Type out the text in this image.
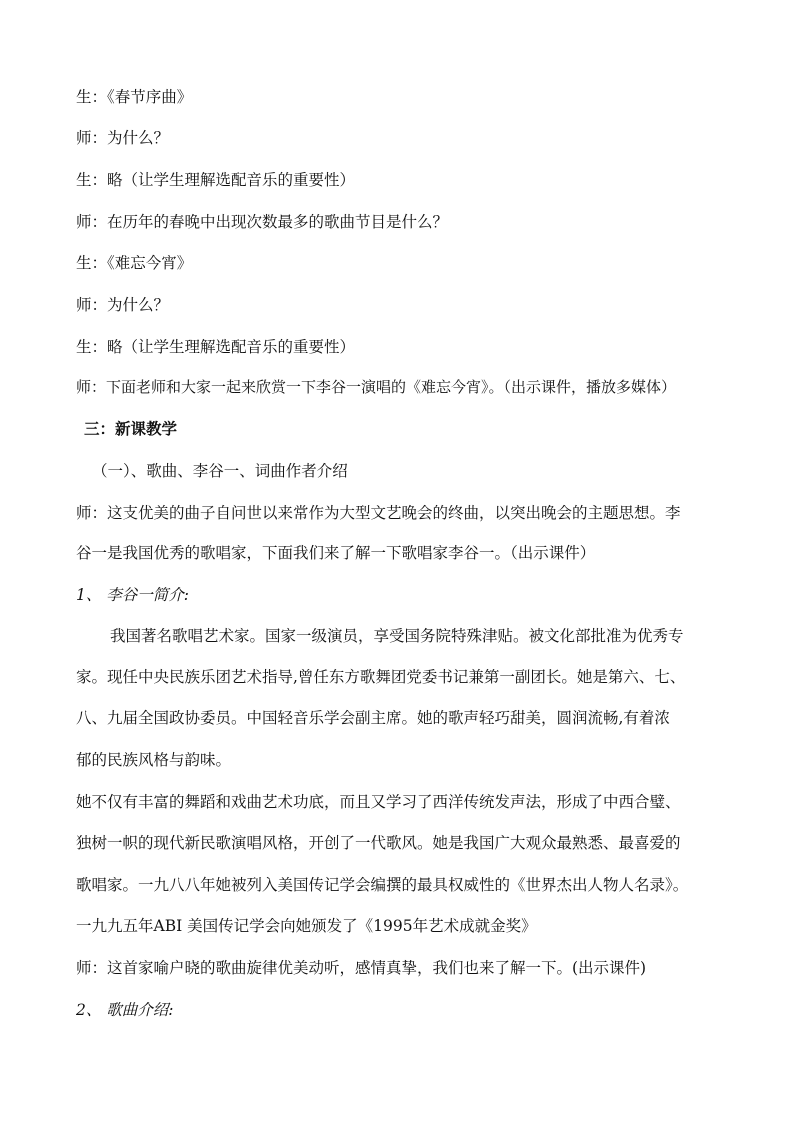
生：《春节序曲》
师：为什么？
生：略（让学生理解选配音乐的重要性）
师：在历年的春晚中出现次数最多的歌曲节目是什么？
生：《难忘今宵》
师：为什么？
生：略（让学生理解选配音乐的重要性）
师：下面老师和大家一起来欣赏一下李谷一演唱的《难忘今宵》。（出示课件，播放多媒体）
三：新课教学
（一）、歌曲、李谷一、词曲作者介绍
师：这支优美的曲子自问世以来常作为大型文艺晚会的终曲，以突出晚会的主题思想。李
谷一是我国优秀的歌唱家，下面我们来了解一下歌唱家李谷一。（出示课件）
1、 李谷一简介:
我国著名歌唱艺术家。国家一级演员，享受国务院特殊津贴。被文化部批准为优秀专
家。现任中央民族乐团艺术指导,曾任东方歌舞团党委书记兼第一副团长。她是第六、七、
八、九届全国政协委员。中国轻音乐学会副主席。她的歌声轻巧甜美，圆润流畅,有着浓
郁的民族风格与韵味。
她不仅有丰富的舞蹈和戏曲艺术功底，而且又学习了西洋传统发声法，形成了中西合璧、
独树一帜的现代新民歌演唱风格，开创了一代歌风。她是我国广大观众最熟悉、最喜爱的
歌唱家。一九八八年她被列入美国传记学会编撰的最具权威性的《世界杰出人物人名录》。
一九九五年ABI 美国传记学会向她颁发了《1995年艺术成就金奖》
师：这首家喻户晓的歌曲旋律优美动听，感情真挚，我们也来了解一下。(出示课件)
2、 歌曲介绍:
